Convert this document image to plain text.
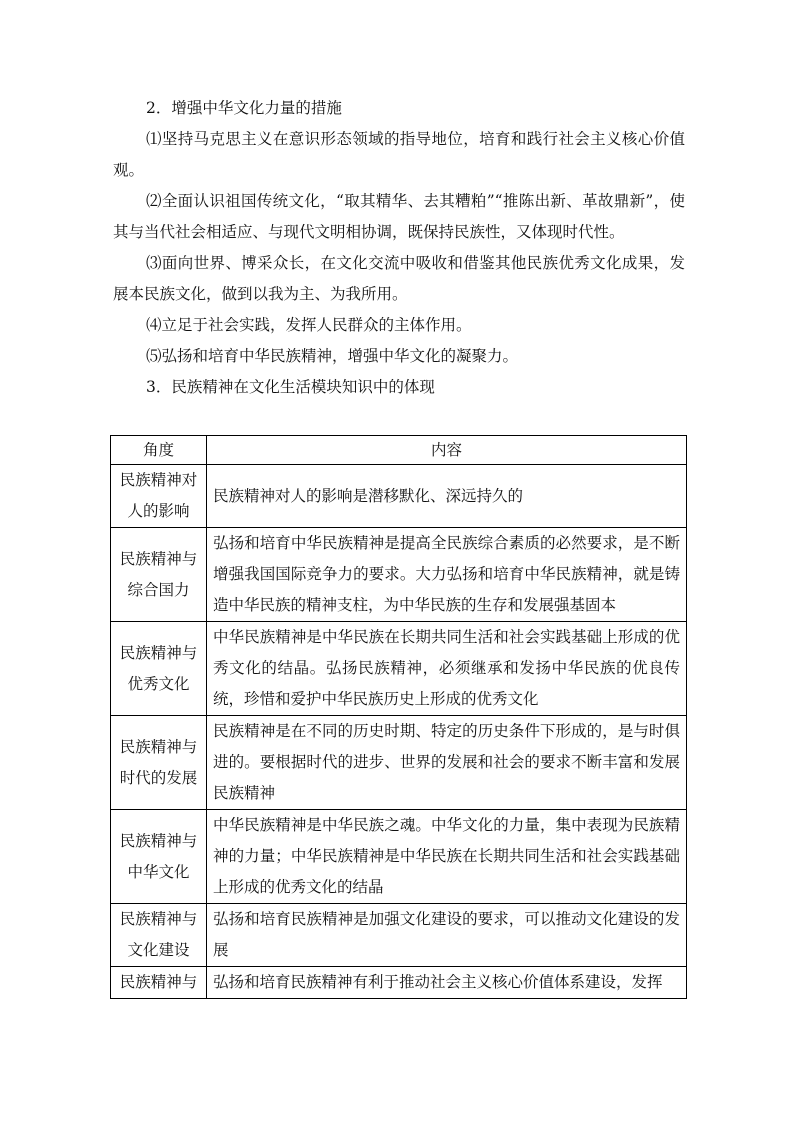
2．增强中华文化力量的措施

⑴坚持马克思主义在意识形态领域的指导地位，培育和践行社会主义核心价值观。

⑵全面认识祖国传统文化，“取其精华、去其糟粕”“推陈出新、革故鼎新”，使其与当代社会相适应、与现代文明相协调，既保持民族性，又体现时代性。

⑶面向世界、博采众长，在文化交流中吸收和借鉴其他民族优秀文化成果，发展本民族文化，做到以我为主、为我所用。

⑷立足于社会实践，发挥人民群众的主体作用。

⑸弘扬和培育中华民族精神，增强中华文化的凝聚力。

3．民族精神在文化生活模块知识中的体现

角度	内容
民族精神对人的影响	民族精神对人的影响是潜移默化、深远持久的
民族精神与综合国力	弘扬和培育中华民族精神是提高全民族综合素质的必然要求，是不断增强我国国际竞争力的要求。大力弘扬和培育中华民族精神，就是铸造中华民族的精神支柱，为中华民族的生存和发展强基固本
民族精神与优秀文化	中华民族精神是中华民族在长期共同生活和社会实践基础上形成的优秀文化的结晶。弘扬民族精神，必须继承和发扬中华民族的优良传统，珍惜和爱护中华民族历史上形成的优秀文化
民族精神与时代的发展	民族精神是在不同的历史时期、特定的历史条件下形成的，是与时俱进的。要根据时代的进步、世界的发展和社会的要求不断丰富和发展民族精神
民族精神与中华文化	中华民族精神是中华民族之魂。中华文化的力量，集中表现为民族精神的力量；中华民族精神是中华民族在长期共同生活和社会实践基础上形成的优秀文化的结晶
民族精神与文化建设	弘扬和培育民族精神是加强文化建设的要求，可以推动文化建设的发展
民族精神与	弘扬和培育民族精神有利于推动社会主义核心价值体系建设，发挥
